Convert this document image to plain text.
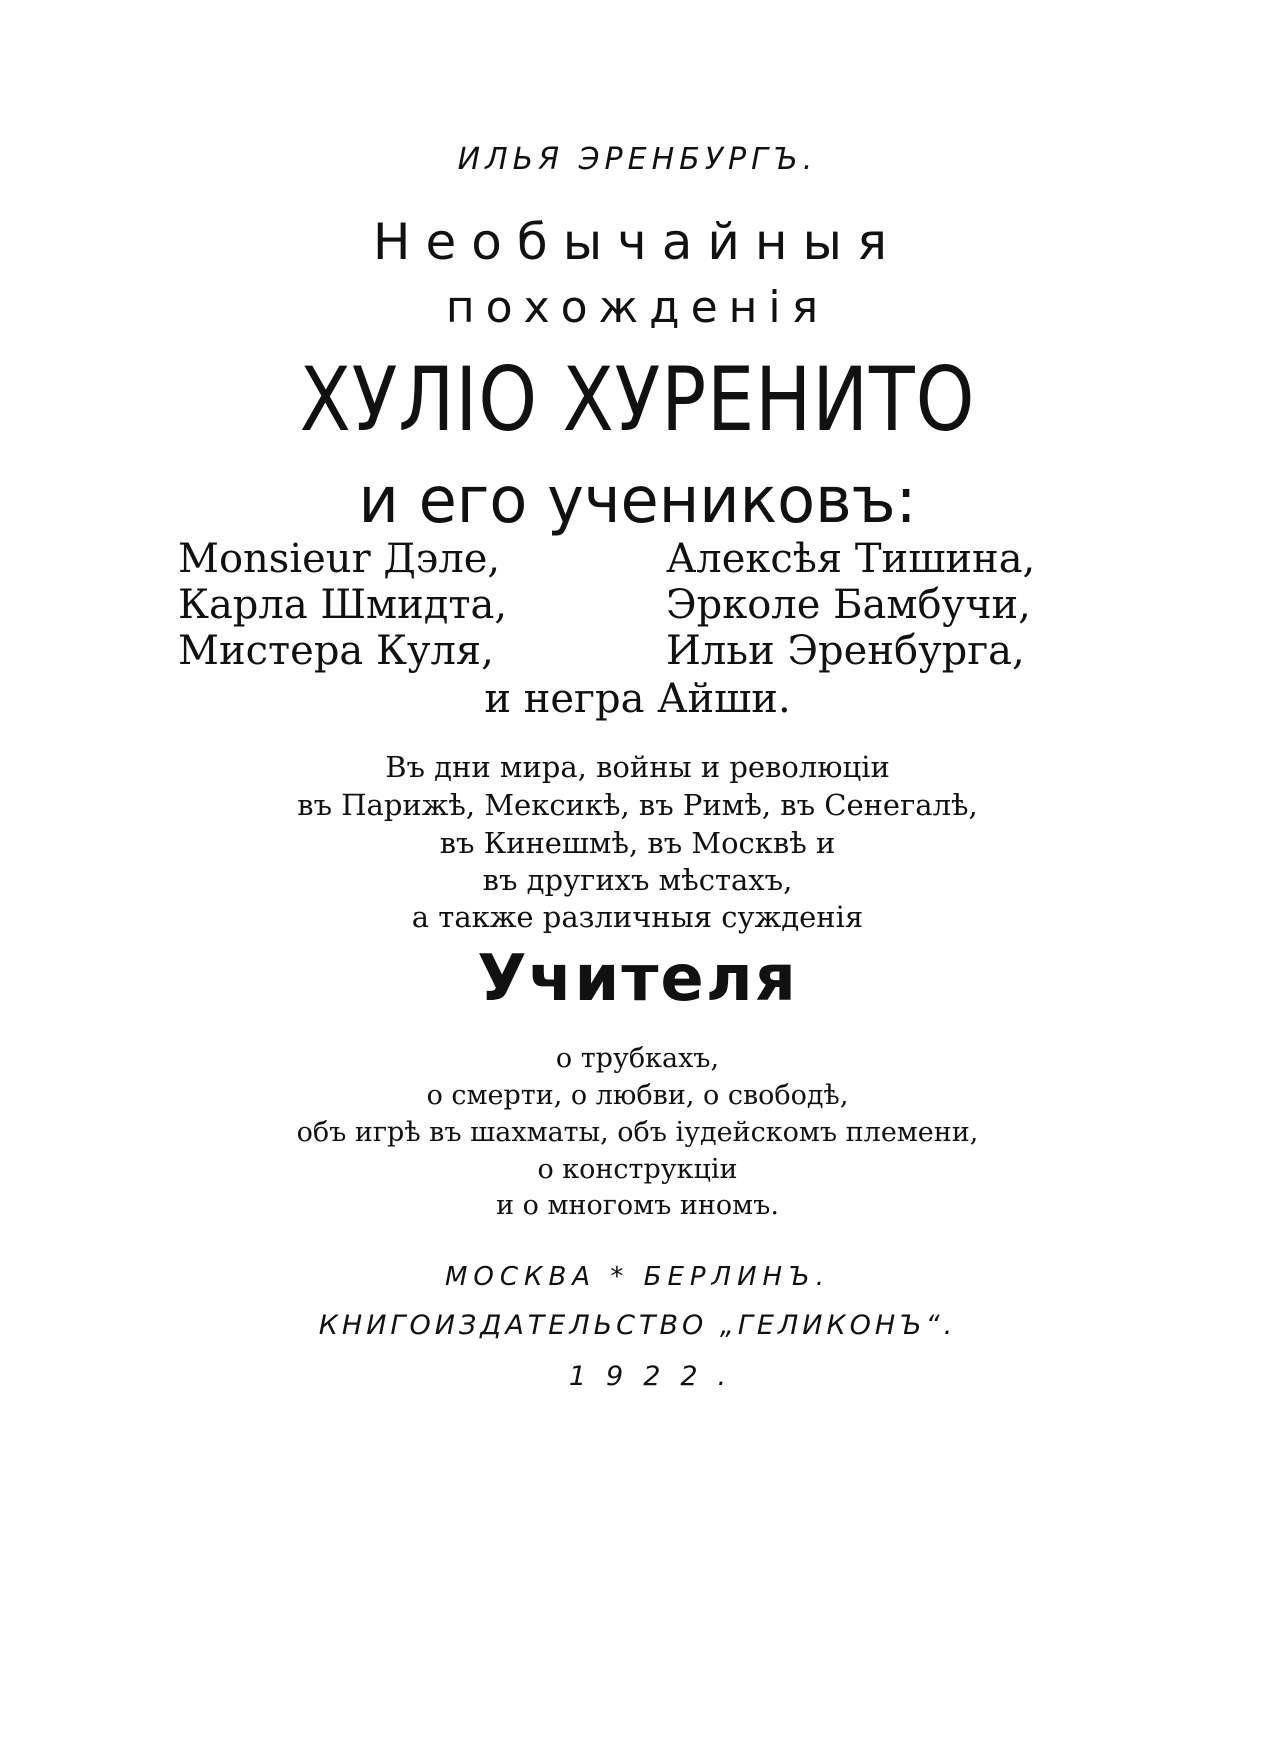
ИЛЬЯ ЭРЕНБУРГЪ.
Необычайныя
похожденія
ХУЛІО ХУРЕНИТО
и его учениковъ:
Monsieur Дэле,	Алексѣя Тишина,
Карла Шмидта,	Эрколе Бамбучи,
Мистера Куля,	Ильи Эренбурга,
и негра Айши.
Въ дни мира, войны и революціи
въ Парижѣ, Мексикѣ, въ Римѣ, въ Сенегалѣ,
въ Кинешмѣ, въ Москвѣ и
въ другихъ мѣстахъ,
а также различныя сужденія
Учителя
о трубкахъ,
о смерти, о любви, о свободѣ,
объ игрѣ въ шахматы, объ іудейскомъ племени,
о конструкціи
и о многомъ иномъ.
МОСКВА * БЕРЛИНЪ.
КНИГОИЗДАТЕЛЬСТВО „ГЕЛИКОНЪ“.
1922.
